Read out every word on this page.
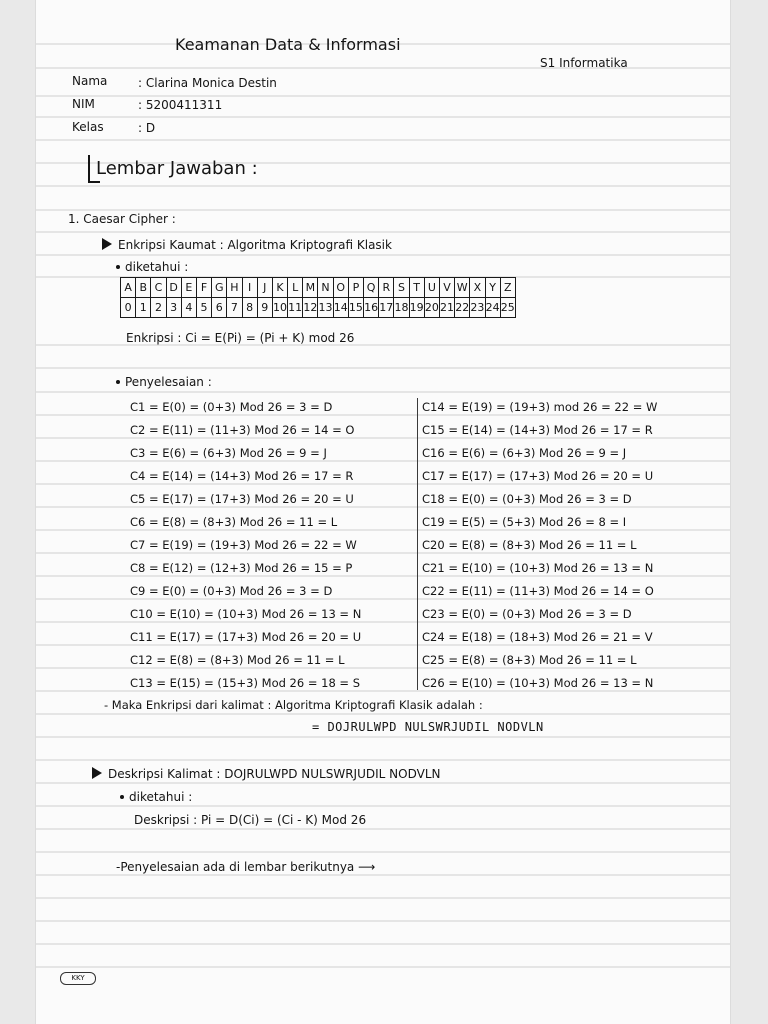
Keamanan Data & Informasi
S1 Informatika
Nama	: Clarina Monica Destin
NIM	: 5200411311
Kelas	: D
Lembar Jawaban :
1. Caesar Cipher :
Enkripsi Kaumat : Algoritma Kriptografi Klasik
diketahui :
A	B	C	D	E	F	G	H	I	J	K	L	M	N	O	P	Q	R	S	T	U	V	W	X	Y	Z
0	1	2	3	4	5	6	7	8	9	10	11	12	13	14	15	16	17	18	19	20	21	22	23	24	25
Enkripsi : Ci = E(Pi) = (Pi + K) mod 26
Penyelesaian :
C1 = E(0) = (0+3) Mod 26 = 3 = D
C2 = E(11) = (11+3) Mod 26 = 14 = O
C3 = E(6) = (6+3) Mod 26 = 9 = J
C4 = E(14) = (14+3) Mod 26 = 17 = R
C5 = E(17) = (17+3) Mod 26 = 20 = U
C6 = E(8) = (8+3) Mod 26 = 11 = L
C7 = E(19) = (19+3) Mod 26 = 22 = W
C8 = E(12) = (12+3) Mod 26 = 15 = P
C9 = E(0) = (0+3) Mod 26 = 3 = D
C10 = E(10) = (10+3) Mod 26 = 13 = N
C11 = E(17) = (17+3) Mod 26 = 20 = U
C12 = E(8) = (8+3) Mod 26 = 11 = L
C13 = E(15) = (15+3) Mod 26 = 18 = S
C14 = E(19) = (19+3) mod 26 = 22 = W
C15 = E(14) = (14+3) Mod 26 = 17 = R
C16 = E(6) = (6+3) Mod 26 = 9 = J
C17 = E(17) = (17+3) Mod 26 = 20 = U
C18 = E(0) = (0+3) Mod 26 = 3 = D
C19 = E(5) = (5+3) Mod 26 = 8 = I
C20 = E(8) = (8+3) Mod 26 = 11 = L
C21 = E(10) = (10+3) Mod 26 = 13 = N
C22 = E(11) = (11+3) Mod 26 = 14 = O
C23 = E(0) = (0+3) Mod 26 = 3 = D
C24 = E(18) = (18+3) Mod 26 = 21 = V
C25 = E(8) = (8+3) Mod 26 = 11 = L
C26 = E(10) = (10+3) Mod 26 = 13 = N
- Maka Enkripsi dari kalimat : Algoritma Kriptografi Klasik adalah :
= DOJRULWPD NULSWRJUDIL NODVLN
Deskripsi Kalimat : DOJRULWPD NULSWRJUDIL NODVLN
diketahui :
Deskripsi : Pi = D(Ci) = (Ci - K) Mod 26
-Penyelesaian ada di lembar berikutnya ⟶
KKY
